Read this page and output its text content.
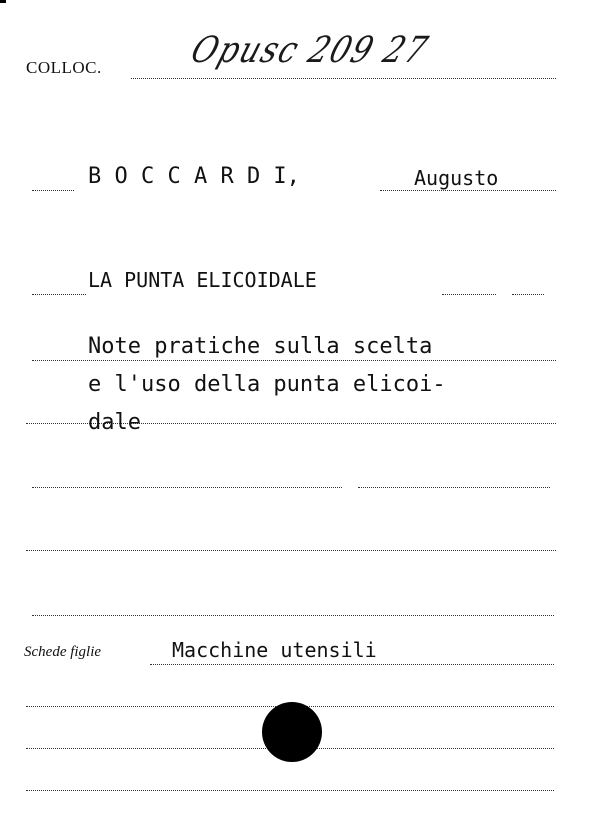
COLLOC. Opusc 209 27
B O C C A R D I,	Augusto
LA PUNTA ELICOIDALE
Note pratiche sulla scelta
e l'uso della punta elicoi-
dale
Schede figlie	Macchine utensili
